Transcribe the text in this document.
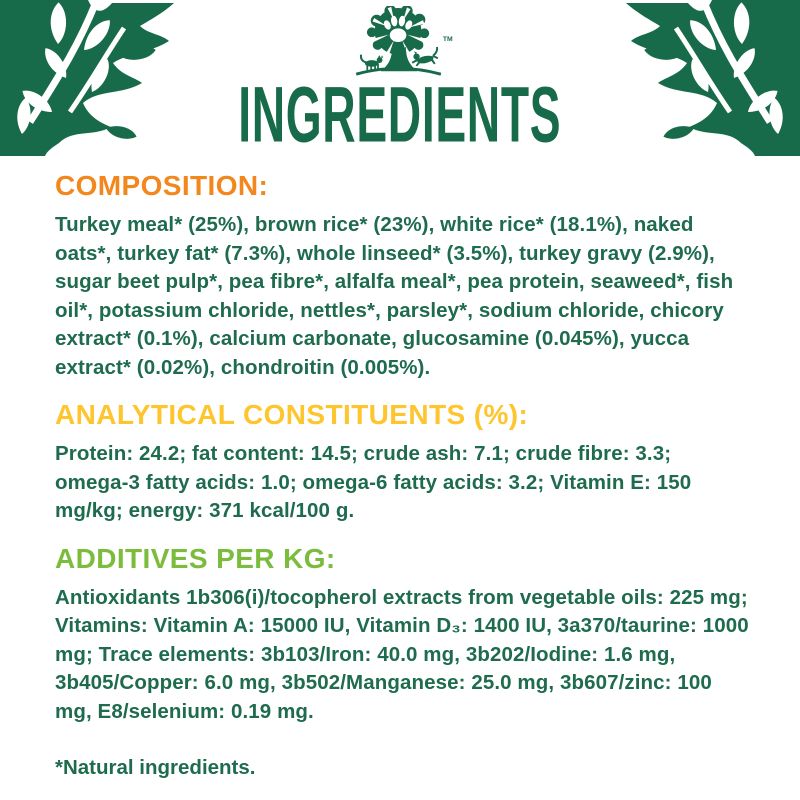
TM
INGREDIENTS
COMPOSITION:

Turkey meal* (25%), brown rice* (23%), white rice* (18.1%), naked oats*, turkey fat* (7.3%), whole linseed* (3.5%), turkey gravy (2.9%), sugar beet pulp*, pea fibre*, alfalfa meal*, pea protein, seaweed*, fish oil*, potassium chloride, nettles*, parsley*, sodium chloride, chicory extract* (0.1%), calcium carbonate, glucosamine (0.045%), yucca extract* (0.02%), chondroitin (0.005%).

ANALYTICAL CONSTITUENTS (%):

Protein: 24.2; fat content: 14.5; crude ash: 7.1; crude fibre: 3.3; omega-3 fatty acids: 1.0; omega-6 fatty acids: 3.2; Vitamin E: 150 mg/kg; energy: 371 kcal/100 g.

ADDITIVES PER KG:

Antioxidants 1b306(i)/tocopherol extracts from vegetable oils: 225 mg; Vitamins: Vitamin A: 15000 IU, Vitamin D₃: 1400 IU, 3a370/taurine: 1000 mg; Trace elements: 3b103/Iron: 40.0 mg, 3b202/Iodine: 1.6 mg, 3b405/Copper: 6.0 mg, 3b502/Manganese: 25.0 mg, 3b607/zinc: 100 mg, E8/selenium: 0.19 mg.

*Natural ingredients.
